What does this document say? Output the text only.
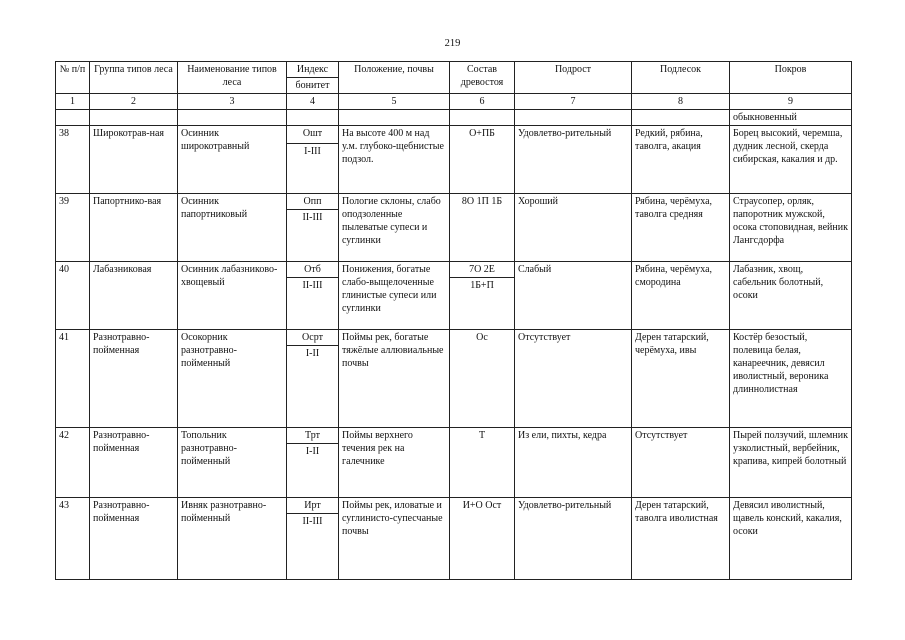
219
№ п/п	Группа типов леса	Наименование типов леса	Индекс	Положение, почвы	Состав древостоя	Подрост	Подлесок	Покров
			бонитет					
1	2	3	4	5	6	7	8	9
								обыкновенный
38	Широкотрав-ная	Осинник широкотравный	Ошт	На высоте 400 м над у.м. глубоко-щебнистые подзол.	О+ПБ	Удовлетво-рительный	Редкий, рябина, таволга, акация	Борец высокий, черемша, дудник лесной, скерда сибирская, какалия и др.
			I-III					
39	Папортнико-вая	Осинник папортниковый	Опп	Пологие склоны, слабо оподзоленные пылеватые супеси и суглинки	8О 1П 1Б	Хороший	Рябина, черёмуха, таволга средняя	Страусопер, орляк, папоротник мужской, осока стоповидная, вейник Лангсдорфа
			II-III					
40	Лабазниковая	Осинник лабазниково-хвощевый	Отб	Понижения, богатые слабо-выщелоченные глинистые супеси или суглинки	7О 2Е	Слабый	Рябина, черёмуха, смородина	Лабазник, хвощ, сабельник болотный, осоки
			II-III		1Б+П			
41	Разнотравно-пойменная	Осокорник разнотравно-пойменный	Осрт	Поймы рек, богатые тяжёлые аллювиальные почвы	Ос	Отсутствует	Дерен татарский, черёмуха, ивы	Костёр безостый, полевица белая, канареечник, девясил иволистный, вероника длиннолистная
			I-II					
42	Разнотравно-пойменная	Топольник разнотравно-пойменный	Трт	Поймы верхнего течения рек на галечнике	Т	Из ели, пихты, кедра	Отсутствует	Пырей ползучий, шлемник узколистный, вербейник, крапива, кипрей болотный
			I-II					
43	Разнотравно-пойменная	Ивняк разнотравно-пойменный	Ирт	Поймы рек, иловатые и суглинисто-супесчаные почвы	И+О Ост	Удовлетво-рительный	Дерен татарский, таволга иволистная	Девясил иволистный, щавель конский, какалия, осоки
			II-III					
